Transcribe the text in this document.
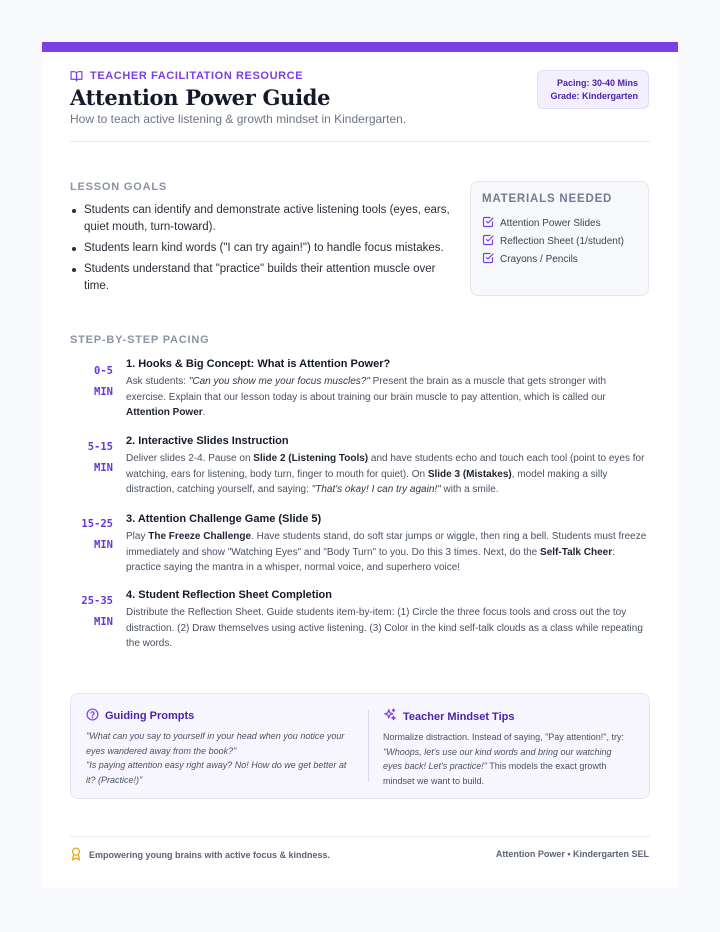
TEACHER FACILITATION RESOURCE
Attention Power Guide
How to teach active listening & growth mindset in Kindergarten.
Pacing: 30-40 Mins
Grade: Kindergarten
LESSON GOALS
Students can identify and demonstrate active listening tools (eyes, ears, quiet mouth, turn-toward).
Students learn kind words ("I can try again!") to handle focus mistakes.
Students understand that "practice" builds their attention muscle over time.
MATERIALS NEEDED
Attention Power Slides
Reflection Sheet (1/student)
Crayons / Pencils
STEP-BY-STEP PACING
0-5
MIN
1. Hooks & Big Concept: What is Attention Power?
Ask students: "Can you show me your focus muscles?" Present the brain as a muscle that gets stronger with exercise. Explain that our lesson today is about training our brain muscle to pay attention, which is called our Attention Power.
5-15
MIN
2. Interactive Slides Instruction
Deliver slides 2-4. Pause on Slide 2 (Listening Tools) and have students echo and touch each tool (point to eyes for watching, ears for listening, body turn, finger to mouth for quiet). On Slide 3 (Mistakes), model making a silly distraction, catching yourself, and saying: "That's okay! I can try again!" with a smile.
15-25
MIN
3. Attention Challenge Game (Slide 5)
Play The Freeze Challenge. Have students stand, do soft star jumps or wiggle, then ring a bell. Students must freeze immediately and show "Watching Eyes" and "Body Turn" to you. Do this 3 times. Next, do the Self-Talk Cheer: practice saying the mantra in a whisper, normal voice, and superhero voice!
25-35
MIN
4. Student Reflection Sheet Completion
Distribute the Reflection Sheet. Guide students item-by-item: (1) Circle the three focus tools and cross out the toy distraction. (2) Draw themselves using active listening. (3) Color in the kind self-talk clouds as a class while repeating the words.
Guiding Prompts
"What can you say to yourself in your head when you notice your eyes wandered away from the book?"
"Is paying attention easy right away? No! How do we get better at it? (Practice!)"
Teacher Mindset Tips
Normalize distraction. Instead of saying, "Pay attention!", try: "Whoops, let's use our kind words and bring our watching eyes back! Let's practice!" This models the exact growth mindset we want to build.
Empowering young brains with active focus & kindness.	Attention Power • Kindergarten SEL
